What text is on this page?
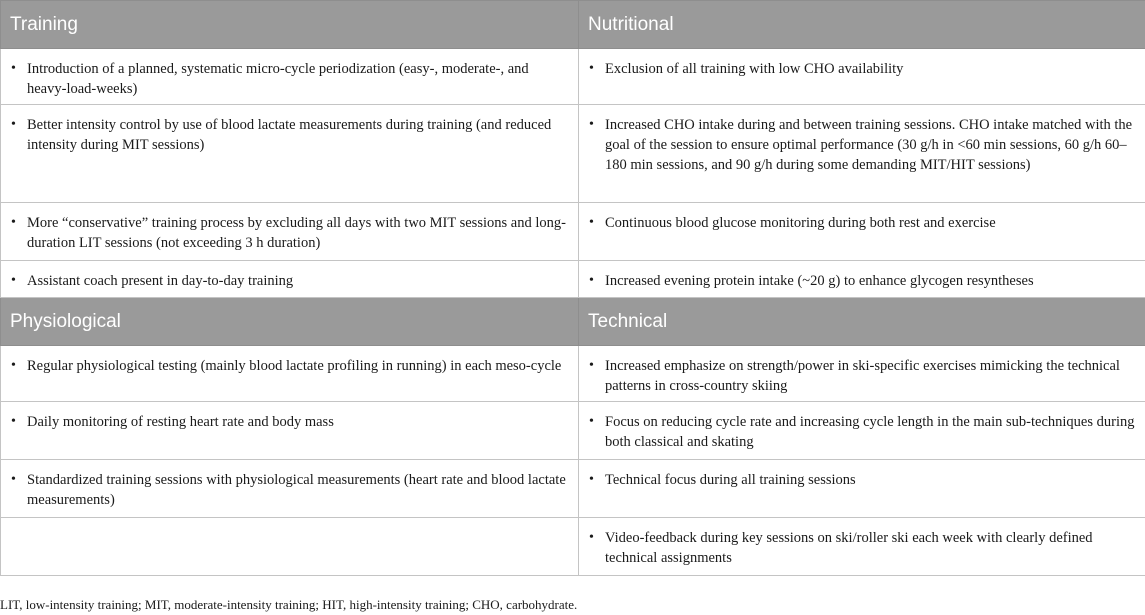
Training	Nutritional

• Introduction of a planned, systematic micro-cycle periodization (easy-, moderate-, and heavy-load-weeks)	• Exclusion of all training with low CHO availability

• Better intensity control by use of blood lactate measurements during training (and reduced intensity during MIT sessions)	• Increased CHO intake during and between training sessions. CHO intake matched with the goal of the session to ensure optimal performance (30 g/h in <60 min sessions, 60 g/h 60–180 min sessions, and 90 g/h during some demanding MIT/HIT sessions)

• More “conservative” training process by excluding all days with two MIT sessions and long-duration LIT sessions (not exceeding 3 h duration)	• Continuous blood glucose monitoring during both rest and exercise

• Assistant coach present in day-to-day training	• Increased evening protein intake (~20 g) to enhance glycogen resyntheses

Physiological	Technical

• Regular physiological testing (mainly blood lactate profiling in running) in each meso-cycle	• Increased emphasize on strength/power in ski-specific exercises mimicking the technical patterns in cross-country skiing

• Daily monitoring of resting heart rate and body mass	• Focus on reducing cycle rate and increasing cycle length in the main sub-techniques during both classical and skating

• Standardized training sessions with physiological measurements (heart rate and blood lactate measurements)	• Technical focus during all training sessions

	• Video-feedback during key sessions on ski/roller ski each week with clearly defined technical assignments
LIT, low-intensity training; MIT, moderate-intensity training; HIT, high-intensity training; CHO, carbohydrate.
